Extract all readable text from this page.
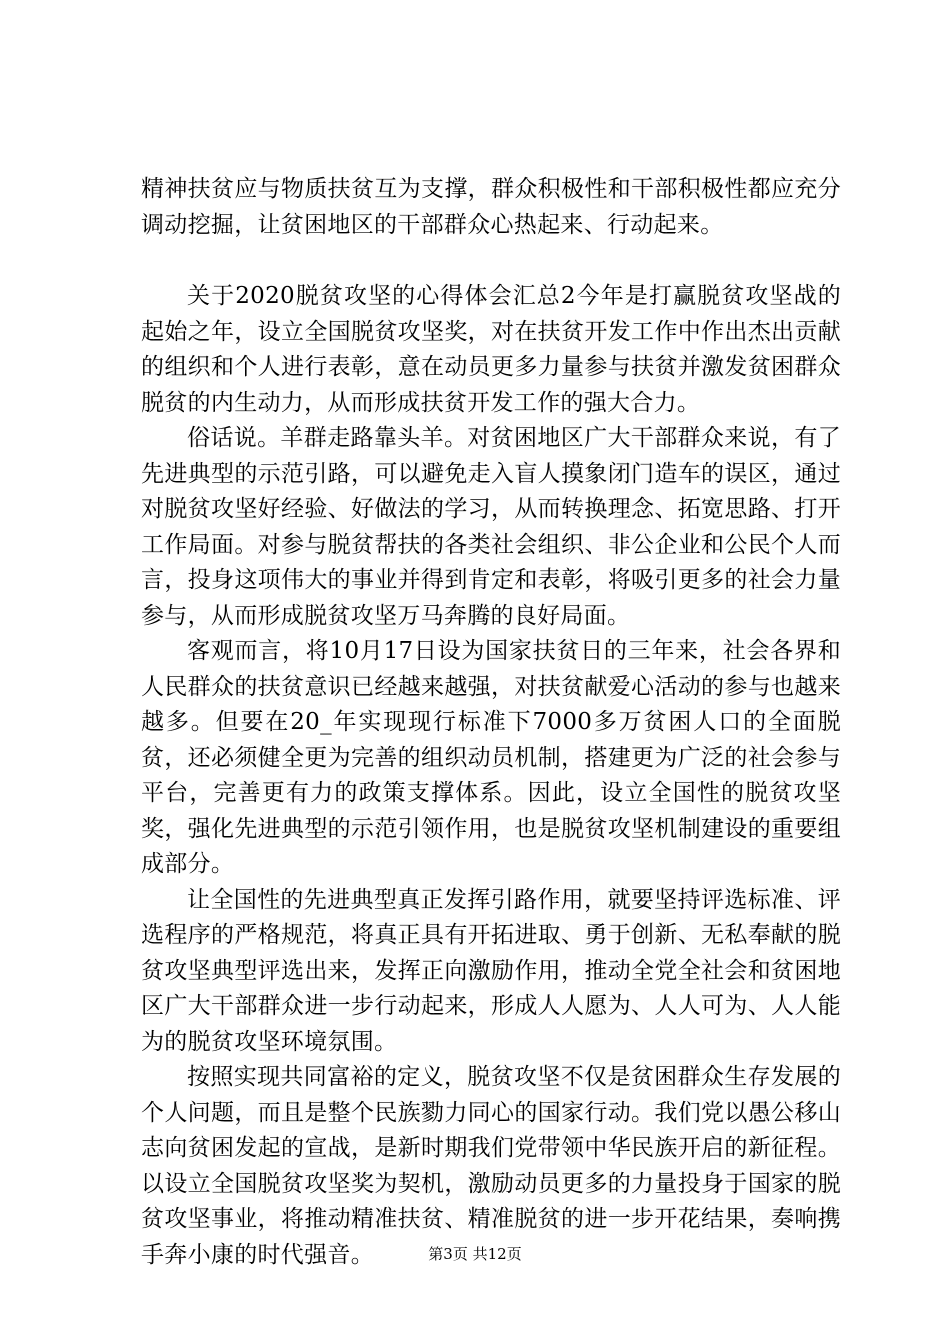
精神扶贫应与物质扶贫互为支撑，群众积极性和干部积极性都应充分调动挖掘，让贫困地区的干部群众心热起来、行动起来。

关于2020脱贫攻坚的心得体会汇总2今年是打赢脱贫攻坚战的起始之年，设立全国脱贫攻坚奖，对在扶贫开发工作中作出杰出贡献的组织和个人进行表彰，意在动员更多力量参与扶贫并激发贫困群众脱贫的内生动力，从而形成扶贫开发工作的强大合力。

俗话说。羊群走路靠头羊。对贫困地区广大干部群众来说，有了先进典型的示范引路，可以避免走入盲人摸象闭门造车的误区，通过对脱贫攻坚好经验、好做法的学习，从而转换理念、拓宽思路、打开工作局面。对参与脱贫帮扶的各类社会组织、非公企业和公民个人而言，投身这项伟大的事业并得到肯定和表彰，将吸引更多的社会力量参与，从而形成脱贫攻坚万马奔腾的良好局面。

客观而言，将10月17日设为国家扶贫日的三年来，社会各界和人民群众的扶贫意识已经越来越强，对扶贫献爱心活动的参与也越来越多。但要在20_年实现现行标准下7000多万贫困人口的全面脱贫，还必须健全更为完善的组织动员机制，搭建更为广泛的社会参与平台，完善更有力的政策支撑体系。因此，设立全国性的脱贫攻坚奖，强化先进典型的示范引领作用，也是脱贫攻坚机制建设的重要组成部分。

让全国性的先进典型真正发挥引路作用，就要坚持评选标准、评选程序的严格规范，将真正具有开拓进取、勇于创新、无私奉献的脱贫攻坚典型评选出来，发挥正向激励作用，推动全党全社会和贫困地区广大干部群众进一步行动起来，形成人人愿为、人人可为、人人能为的脱贫攻坚环境氛围。

按照实现共同富裕的定义，脱贫攻坚不仅是贫困群众生存发展的个人问题，而且是整个民族勠力同心的国家行动。我们党以愚公移山志向贫困发起的宣战，是新时期我们党带领中华民族开启的新征程。以设立全国脱贫攻坚奖为契机，激励动员更多的力量投身于国家的脱贫攻坚事业，将推动精准扶贫、精准脱贫的进一步开花结果，奏响携手奔小康的时代强音。	第3页 共12页
